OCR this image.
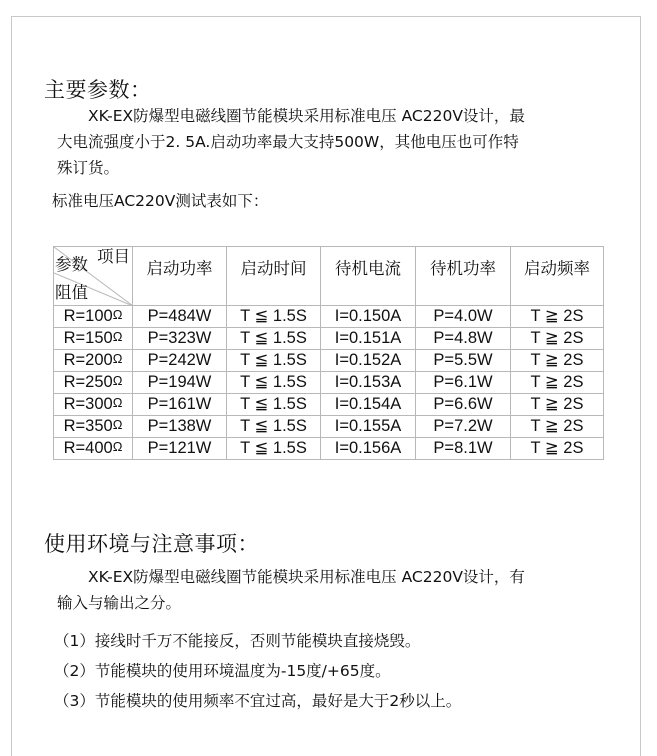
主要参数：
XK-EX防爆型电磁线圈节能模块采用标准电压 AC220V设计，最
大电流强度小于2. 5A.启动功率最大支持500W，其他电压也可作特
殊订货。
标准电压AC220V测试表如下：
项目
参数
阻值	启动功率	启动时间	待机电流	待机功率	启动频率
R=100Ω	P=484W	T ≦ 1.5S	I=0.150A	P=4.0W	T ≧ 2S
R=150Ω	P=323W	T ≦ 1.5S	I=0.151A	P=4.8W	T ≧ 2S
R=200Ω	P=242W	T ≦ 1.5S	I=0.152A	P=5.5W	T ≧ 2S
R=250Ω	P=194W	T ≦ 1.5S	I=0.153A	P=6.1W	T ≧ 2S
R=300Ω	P=161W	T ≦ 1.5S	I=0.154A	P=6.6W	T ≧ 2S
R=350Ω	P=138W	T ≦ 1.5S	I=0.155A	P=7.2W	T ≧ 2S
R=400Ω	P=121W	T ≦ 1.5S	I=0.156A	P=8.1W	T ≧ 2S
使用环境与注意事项：
XK-EX防爆型电磁线圈节能模块采用标准电压 AC220V设计，有
输入与输出之分。
（1）接线时千万不能接反，否则节能模块直接烧毁。
（2）节能模块的使用环境温度为-15度/+65度。
（3）节能模块的使用频率不宜过高，最好是大于2秒以上。
